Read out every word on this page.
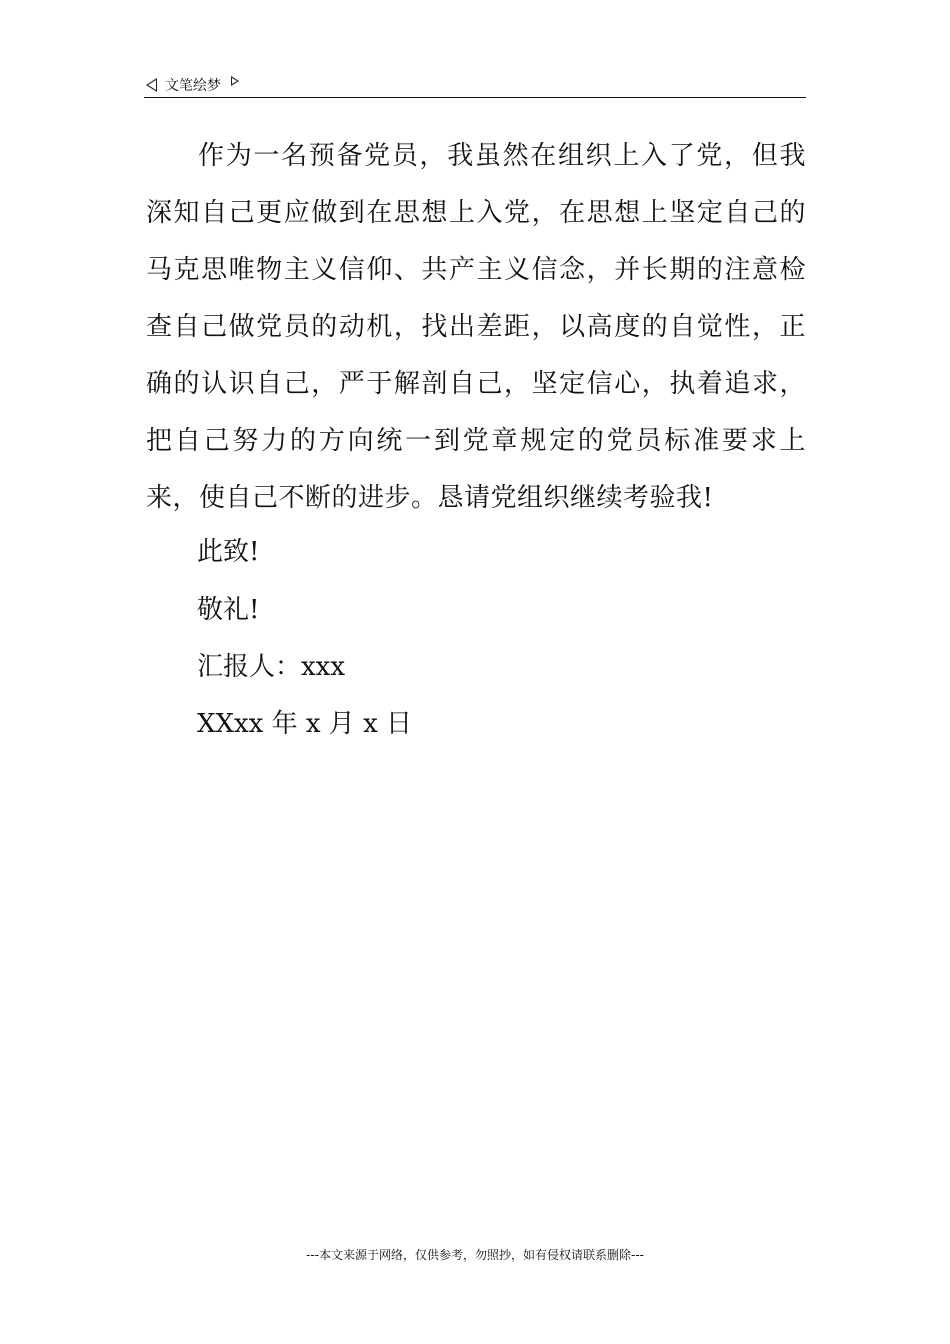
文笔绘梦

作为一名预备党员，我虽然在组织上入了党，但我深知自己更应做到在思想上入党，在思想上坚定自己的马克思唯物主义信仰、共产主义信念，并长期的注意检查自己做党员的动机，找出差距，以高度的自觉性，正确的认识自己，严于解剖自己，坚定信心，执着追求，把自己努力的方向统一到党章规定的党员标准要求上来，使自己不断的进步。恳请党组织继续考验我!

此致!

敬礼!

汇报人：xxx

XXxx 年 x 月 x 日

---本文来源于网络，仅供参考，勿照抄，如有侵权请联系删除---
